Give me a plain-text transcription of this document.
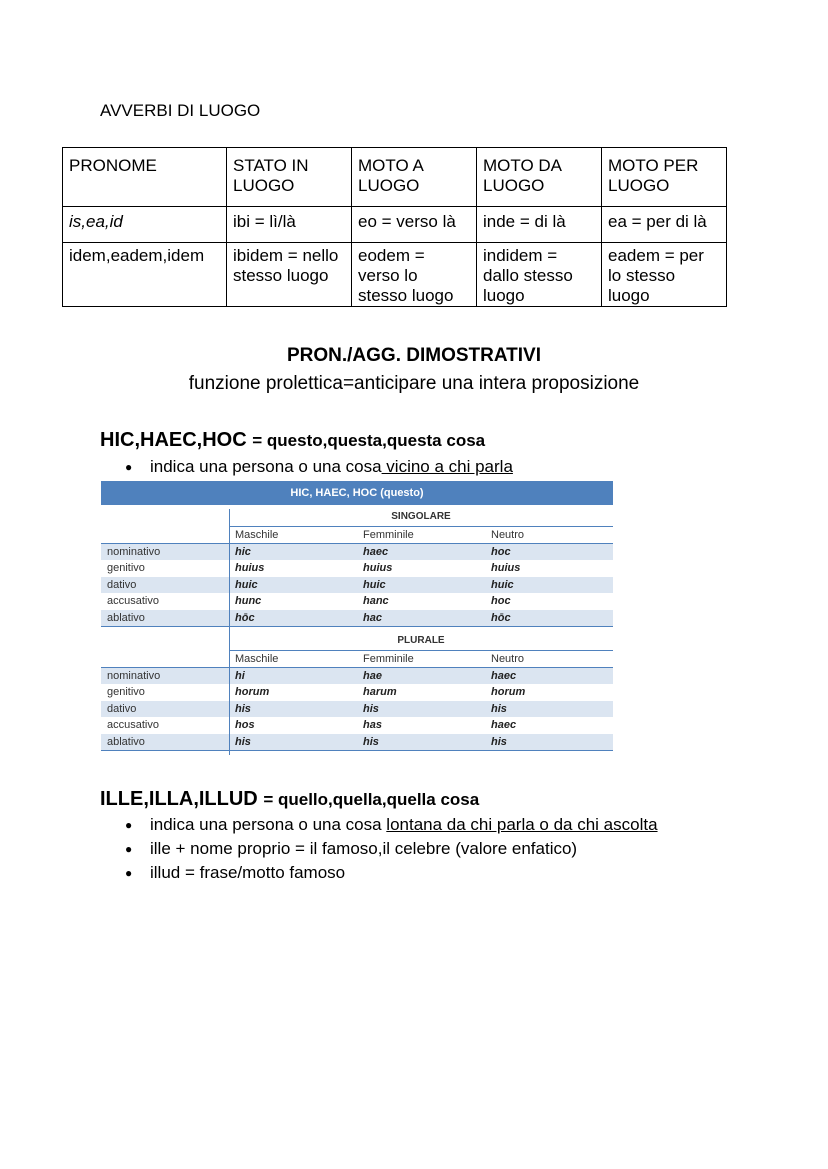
AVVERBI DI LUOGO
PRONOME	STATO IN LUOGO	MOTO A LUOGO	MOTO DA LUOGO	MOTO PER LUOGO
is,ea,id	ibi = lì/là	eo = verso là	inde = di là	ea = per di là
idem,eadem,idem	ibidem = nello stesso luogo	eodem = verso lo stesso luogo	indidem = dallo stesso luogo	eadem = per lo stesso luogo
PRON./AGG. DIMOSTRATIVI
funzione prolettica=anticipare una intera proposizione
HIC,HAEC,HOC = questo,questa,questa cosa
● indica una persona o una cosa vicino a chi parla
HIC, HAEC, HOC (questo)
SINGOLARE
Maschile	Femminile	Neutro
nominativo	hic	haec	hoc
genitivo	huius	huius	huius
dativo	huic	huic	huic
accusativo	hunc	hanc	hoc
ablativo	hōc	hac	hōc
PLURALE
Maschile	Femminile	Neutro
nominativo	hi	hae	haec
genitivo	horum	harum	horum
dativo	his	his	his
accusativo	hos	has	haec
ablativo	his	his	his
ILLE,ILLA,ILLUD = quello,quella,quella cosa
● indica una persona o una cosa lontana da chi parla o da chi ascolta
● ille + nome proprio = il famoso,il celebre (valore enfatico)
● illud = frase/motto famoso
